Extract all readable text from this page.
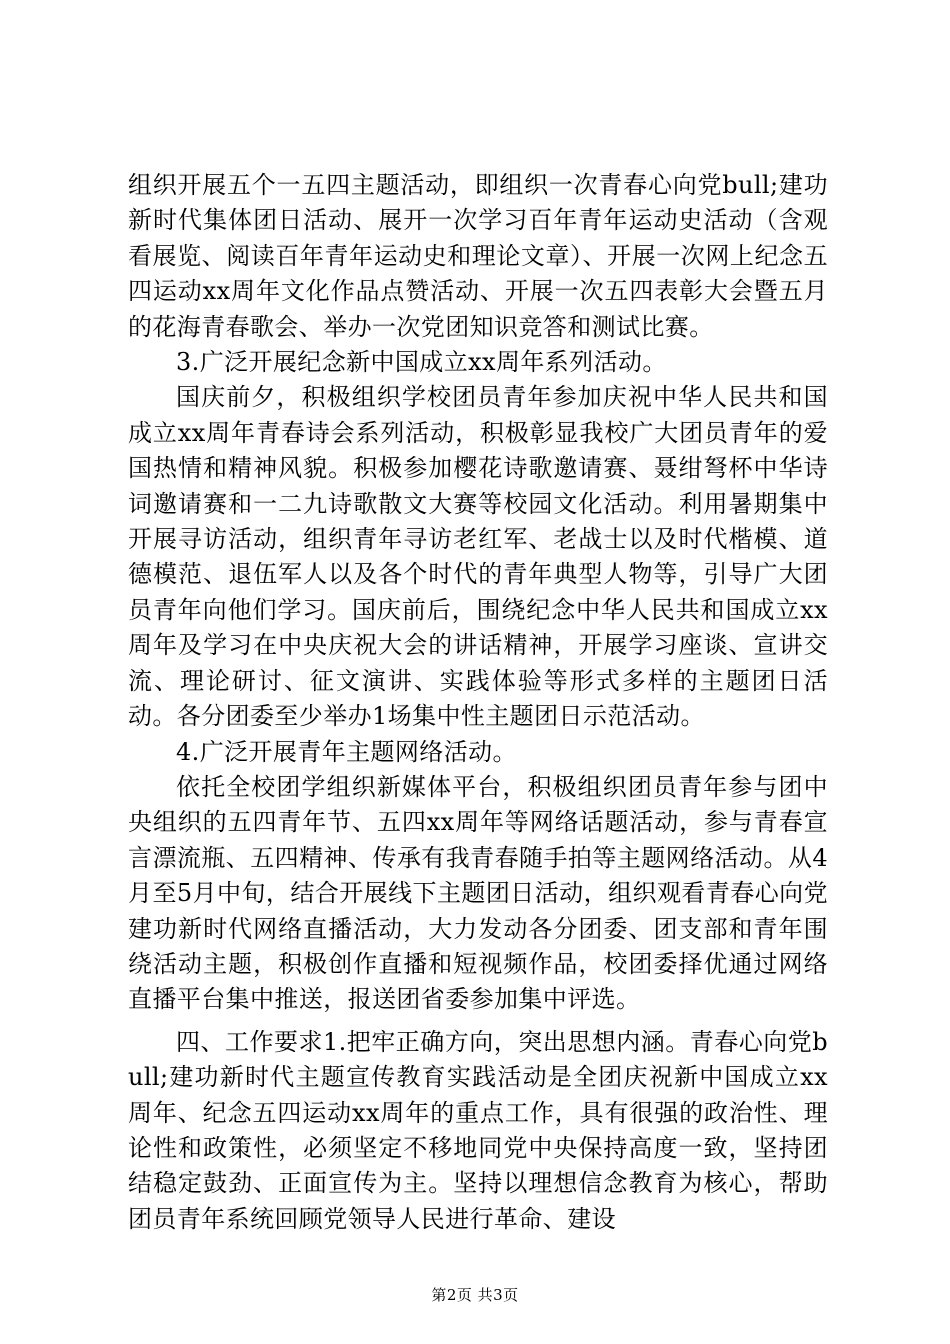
组织开展五个一五四主题活动，即组织一次青春心向党bull;建功新时代集体团日活动、展开一次学习百年青年运动史活动（含观看展览、阅读百年青年运动史和理论文章）、开展一次网上纪念五四运动xx周年文化作品点赞活动、开展一次五四表彰大会暨五月的花海青春歌会、举办一次党团知识竞答和测试比赛。

3.广泛开展纪念新中国成立xx周年系列活动。

国庆前夕，积极组织学校团员青年参加庆祝中华人民共和国成立xx周年青春诗会系列活动，积极彰显我校广大团员青年的爱国热情和精神风貌。积极参加樱花诗歌邀请赛、聂绀弩杯中华诗词邀请赛和一二九诗歌散文大赛等校园文化活动。利用暑期集中开展寻访活动，组织青年寻访老红军、老战士以及时代楷模、道德模范、退伍军人以及各个时代的青年典型人物等，引导广大团员青年向他们学习。国庆前后，围绕纪念中华人民共和国成立xx周年及学习在中央庆祝大会的讲话精神，开展学习座谈、宣讲交流、理论研讨、征文演讲、实践体验等形式多样的主题团日活动。各分团委至少举办1场集中性主题团日示范活动。

4.广泛开展青年主题网络活动。

依托全校团学组织新媒体平台，积极组织团员青年参与团中央组织的五四青年节、五四xx周年等网络话题活动，参与青春宣言漂流瓶、五四精神、传承有我青春随手拍等主题网络活动。从4月至5月中旬，结合开展线下主题团日活动，组织观看青春心向党建功新时代网络直播活动，大力发动各分团委、团支部和青年围绕活动主题，积极创作直播和短视频作品，校团委择优通过网络直播平台集中推送，报送团省委参加集中评选。

四、工作要求1.把牢正确方向，突出思想内涵。青春心向党bull;建功新时代主题宣传教育实践活动是全团庆祝新中国成立xx周年、纪念五四运动xx周年的重点工作，具有很强的政治性、理论性和政策性，必须坚定不移地同党中央保持高度一致，坚持团结稳定鼓劲、正面宣传为主。坚持以理想信念教育为核心，帮助团员青年系统回顾党领导人民进行革命、建设

第2页 共3页
